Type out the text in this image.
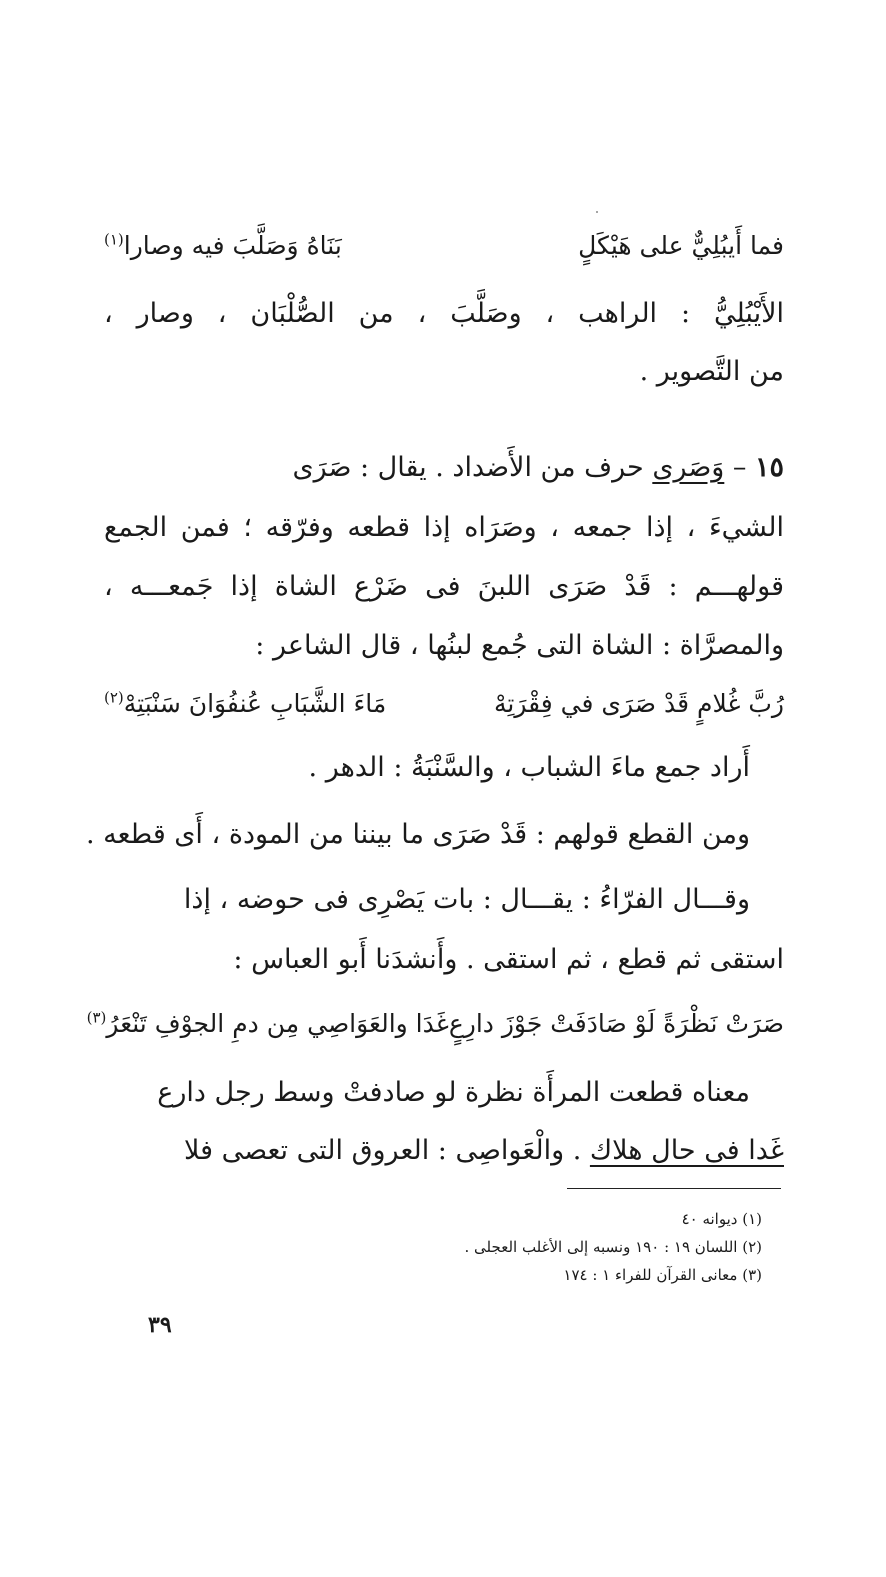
فما أَيبُلِيٌّ على هَيْكَلٍ
بَنَاهُ وَصَلَّبَ فيه وصارا$^{(١)}$
الأَيْبُلِيُّ : الراهب ، وصَلَّبَ ، من الصُّلْبَان ، وصار ،
من التَّصوير .
١٥ – وَصَرى حرف من الأَضداد . يقال : صَرَى
الشيءَ ، إذا جمعه ، وصَرَاه إذا قطعه وفرّقه ؛ فمن الجمع
قولهـــم : قَدْ صَرَى اللبنَ فى ضَرْع الشاة إذا جَمعـــه ،
والمصرَّاة : الشاة التى جُمع لبنُها ، قال الشاعر :
رُبَّ غُلامٍ قَدْ صَرَى في فِقْرَتِهْ
مَاءَ الشَّبَابِ عُنفُوَانَ سَنْبَتِهْ$^{(٢)}$
أَراد جمع ماءَ الشباب ، والسَّنْبَةُ : الدهر .
ومن القطع قولهم : قَدْ صَرَى ما بيننا من المودة ، أَى قطعه .
وقـــال الفرّاءُ : يقـــال : بات يَصْرِى فى حوضه ، إذا
استقى ثم قطع ، ثم استقى . وأَنشدَنا أَبو العباس :
صَرَتْ نَظْرَةً لَوْ صَادَفَتْ جَوْزَ دارِعٍ
غَدَا والعَوَاصِي مِن دمِ الجوْفِ تَنْعَرُ$^{(٣)}$
معناه قطعت المرأَة نظرة لو صادفتْ وسط رجل دارع
غَدا فى حال هلاك . والْعَواصِى : العروق التى تعصى فلا
(١) ديوانه ٤٠
(٢) اللسان ١٩ : ١٩٠ ونسبه إلى الأغلب العجلى .
(٣) معانى القرآن للفراء ١ : ١٧٤
٣٩
